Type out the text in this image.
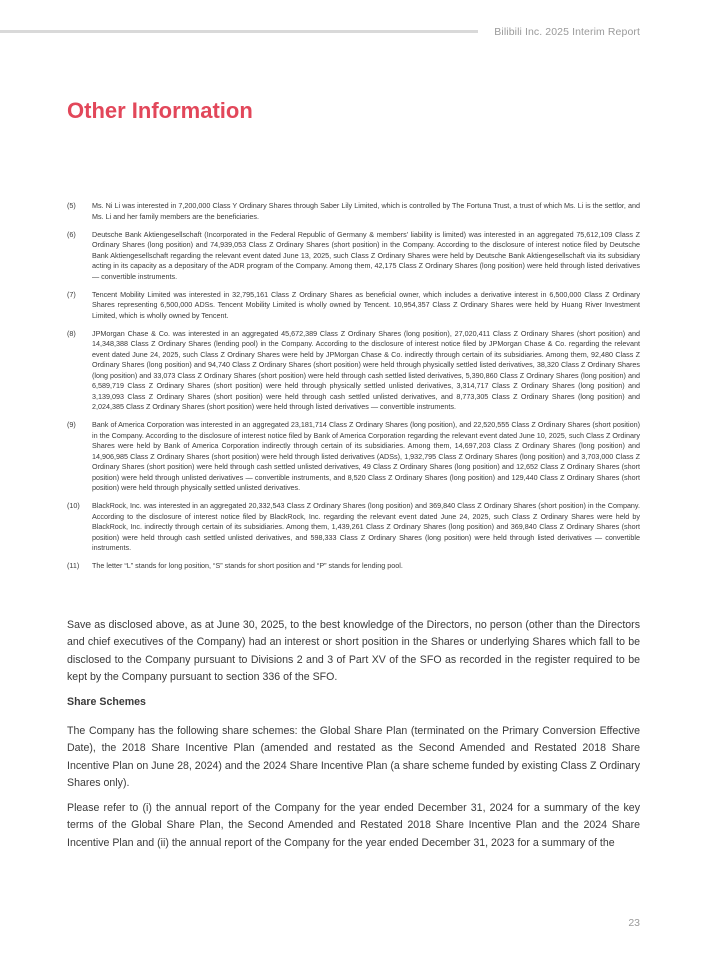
Bilibili Inc. 2025 Interim Report
Other Information
(5)	Ms. Ni Li was interested in 7,200,000 Class Y Ordinary Shares through Saber Lily Limited, which is controlled by The Fortuna Trust, a trust of which Ms. Li is the settlor, and Ms. Li and her family members are the beneficiaries.
(6)	Deutsche Bank Aktiengesellschaft (Incorporated in the Federal Republic of Germany & members’ liability is limited) was interested in an aggregated 75,612,109 Class Z Ordinary Shares (long position) and 74,939,053 Class Z Ordinary Shares (short position) in the Company. According to the disclosure of interest notice filed by Deutsche Bank Aktiengesellschaft regarding the relevant event dated June 13, 2025, such Class Z Ordinary Shares were held by Deutsche Bank Aktiengesellschaft via its subsidiary acting in its capacity as a depositary of the ADR program of the Company. Among them, 42,175 Class Z Ordinary Shares (long position) were held through listed derivatives — convertible instruments.
(7)	Tencent Mobility Limited was interested in 32,795,161 Class Z Ordinary Shares as beneficial owner, which includes a derivative interest in 6,500,000 Class Z Ordinary Shares representing 6,500,000 ADSs. Tencent Mobility Limited is wholly owned by Tencent. 10,954,357 Class Z Ordinary Shares were held by Huang River Investment Limited, which is wholly owned by Tencent.
(8)	JPMorgan Chase & Co. was interested in an aggregated 45,672,389 Class Z Ordinary Shares (long position), 27,020,411 Class Z Ordinary Shares (short position) and 14,348,388 Class Z Ordinary Shares (lending pool) in the Company. According to the disclosure of interest notice filed by JPMorgan Chase & Co. regarding the relevant event dated June 24, 2025, such Class Z Ordinary Shares were held by JPMorgan Chase & Co. indirectly through certain of its subsidiaries. Among them, 92,480 Class Z Ordinary Shares (long position) and 94,740 Class Z Ordinary Shares (short position) were held through physically settled listed derivatives, 38,320 Class Z Ordinary Shares (long position) and 33,073 Class Z Ordinary Shares (short position) were held through cash settled listed derivatives, 5,390,860 Class Z Ordinary Shares (long position) and 6,589,719 Class Z Ordinary Shares (short position) were held through physically settled unlisted derivatives, 3,314,717 Class Z Ordinary Shares (long position) and 3,139,093 Class Z Ordinary Shares (short position) were held through cash settled unlisted derivatives, and 8,773,305 Class Z Ordinary Shares (long position) and 2,024,385 Class Z Ordinary Shares (short position) were held through listed derivatives — convertible instruments.
(9)	Bank of America Corporation was interested in an aggregated 23,181,714 Class Z Ordinary Shares (long position), and 22,520,555 Class Z Ordinary Shares (short position) in the Company. According to the disclosure of interest notice filed by Bank of America Corporation regarding the relevant event dated June 10, 2025, such Class Z Ordinary Shares were held by Bank of America Corporation indirectly through certain of its subsidiaries. Among them, 14,697,203 Class Z Ordinary Shares (long position) and 14,906,985 Class Z Ordinary Shares (short position) were held through listed derivatives (ADSs), 1,932,795 Class Z Ordinary Shares (long position) and 3,703,000 Class Z Ordinary Shares (short position) were held through cash settled unlisted derivatives, 49 Class Z Ordinary Shares (long position) and 12,652 Class Z Ordinary Shares (short position) were held through unlisted derivatives — convertible instruments, and 8,520 Class Z Ordinary Shares (long position) and 129,440 Class Z Ordinary Shares (short position) were held through physically settled unlisted derivatives.
(10)	BlackRock, Inc. was interested in an aggregated 20,332,543 Class Z Ordinary Shares (long position) and 369,840 Class Z Ordinary Shares (short position) in the Company. According to the disclosure of interest notice filed by BlackRock, Inc. regarding the relevant event dated June 24, 2025, such Class Z Ordinary Shares were held by BlackRock, Inc. indirectly through certain of its subsidiaries. Among them, 1,439,261 Class Z Ordinary Shares (long position) and 369,840 Class Z Ordinary Shares (short position) were held through cash settled unlisted derivatives, and 598,333 Class Z Ordinary Shares (long position) were held through listed derivatives — convertible instruments.
(11)	The letter “L” stands for long position, “S” stands for short position and “P” stands for lending pool.

Save as disclosed above, as at June 30, 2025, to the best knowledge of the Directors, no person (other than the Directors and chief executives of the Company) had an interest or short position in the Shares or underlying Shares which fall to be disclosed to the Company pursuant to Divisions 2 and 3 of Part XV of the SFO as recorded in the register required to be kept by the Company pursuant to section 336 of the SFO.

Share Schemes

The Company has the following share schemes: the Global Share Plan (terminated on the Primary Conversion Effective Date), the 2018 Share Incentive Plan (amended and restated as the Second Amended and Restated 2018 Share Incentive Plan on June 28, 2024) and the 2024 Share Incentive Plan (a share scheme funded by existing Class Z Ordinary Shares only).

Please refer to (i) the annual report of the Company for the year ended December 31, 2024 for a summary of the key terms of the Global Share Plan, the Second Amended and Restated 2018 Share Incentive Plan and the 2024 Share Incentive Plan and (ii) the annual report of the Company for the year ended December 31, 2023 for a summary of the

23
